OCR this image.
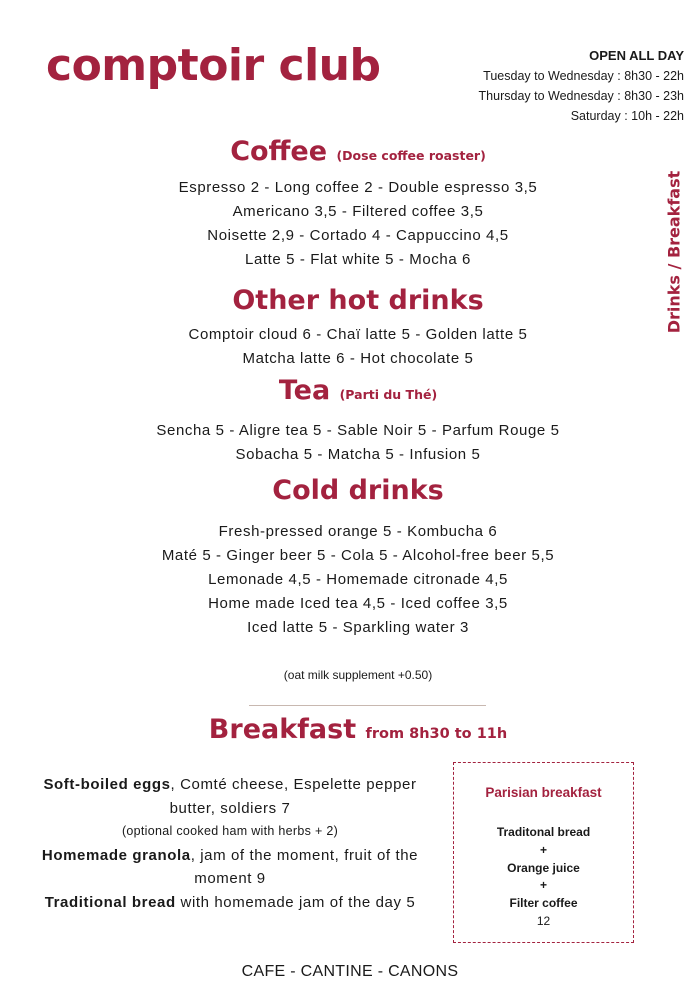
comptoir club	OPEN ALL DAY
Tuesday to Wednesday : 8h30 - 22h
Thursday to Wednesday : 8h30 - 23h
Saturday : 10h - 22h
Drinks / Breakfast
Coffee (Dose coffee roaster)
Espresso 2 - Long coffee 2 - Double espresso 3,5
Americano 3,5 - Filtered coffee 3,5
Noisette 2,9 - Cortado 4 - Cappuccino 4,5
Latte 5 - Flat white 5 - Mocha 6
Other hot drinks
Comptoir cloud 6 - Chaï latte 5 - Golden latte 5
Matcha latte 6 - Hot chocolate 5
Tea (Parti du Thé)
Sencha 5 - Aligre tea 5 - Sable Noir 5 - Parfum Rouge 5
Sobacha 5 - Matcha 5 - Infusion 5
Cold drinks
Fresh-pressed orange 5 - Kombucha 6
Maté 5 - Ginger beer 5 - Cola 5 - Alcohol-free beer 5,5
Lemonade 4,5 - Homemade citronade 4,5
Home made Iced tea 4,5 - Iced coffee 3,5
Iced latte 5 - Sparkling water 3
(oat milk supplement +0.50)
Breakfast from 8h30 to 11h
Soft-boiled eggs, Comté cheese, Espelette pepper butter, soldiers 7
(optional cooked ham with herbs + 2)
Homemade granola, jam of the moment, fruit of the moment 9
Traditional bread with homemade jam of the day 5
Parisian breakfast
Traditonal bread
+
Orange juice
+
Filter coffee
12
CAFE - CANTINE - CANONS
